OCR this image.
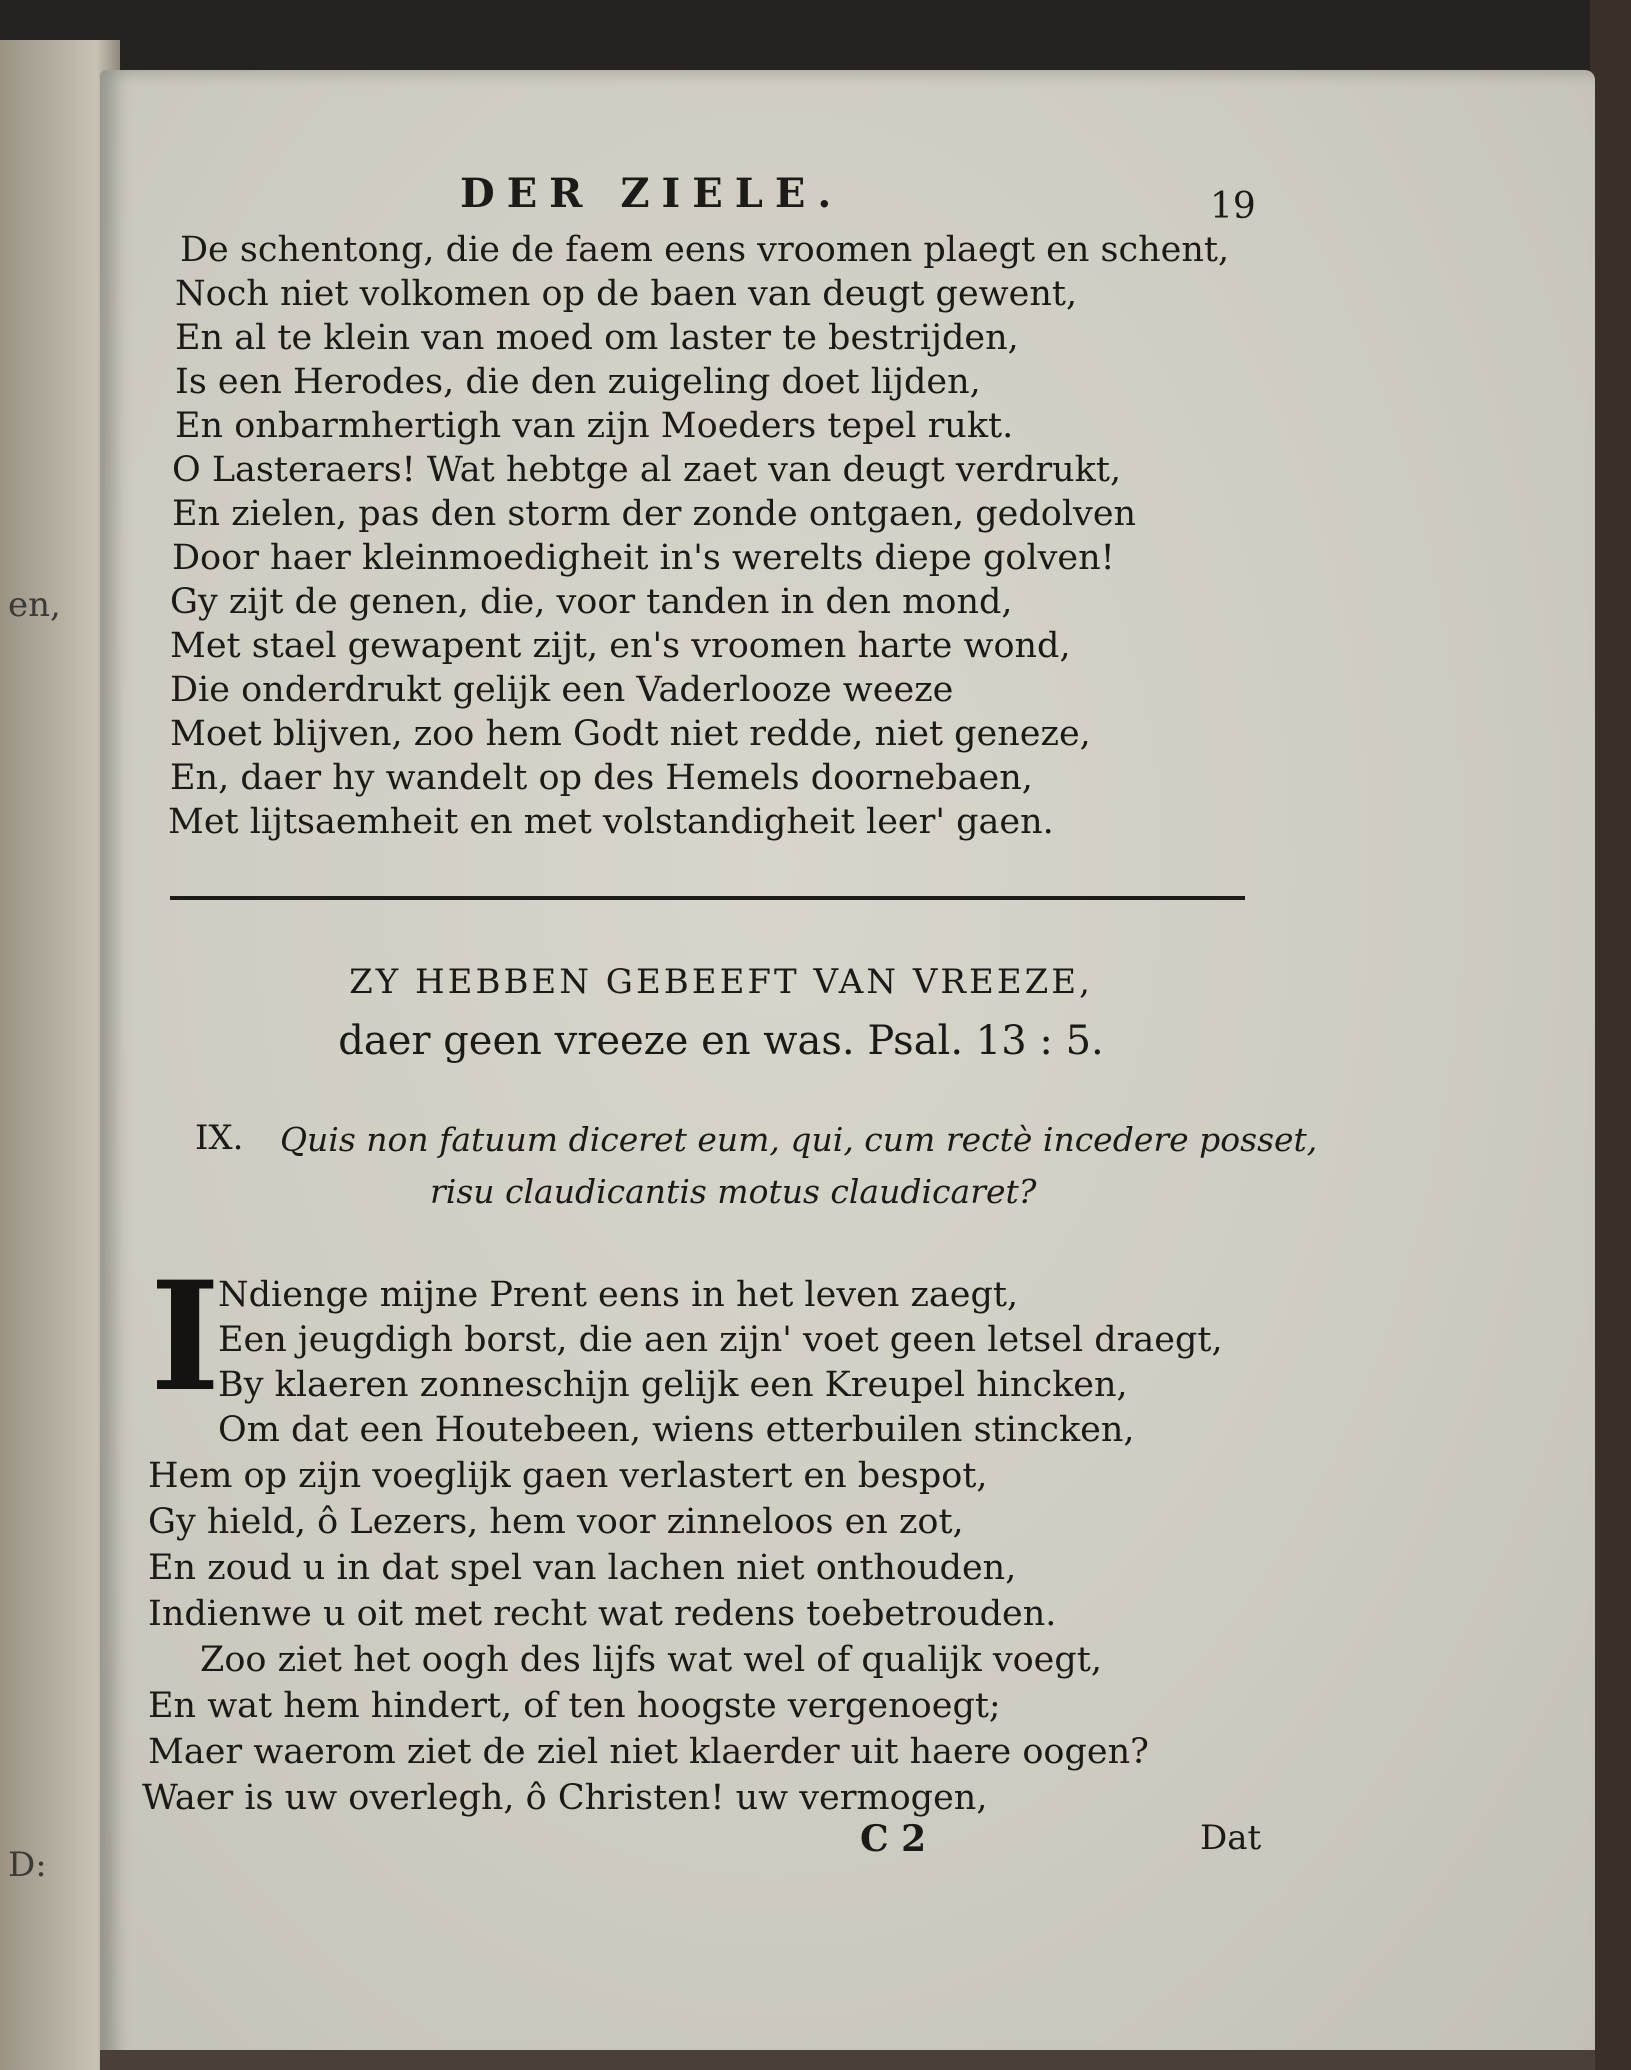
en,
D:
DER ZIELE.	19
De schentong, die de faem eens vroomen plaegt en schent,
Noch niet volkomen op de baen van deugt gewent,
En al te klein van moed om laster te bestrijden,
Is een Herodes, die den zuigeling doet lijden,
En onbarmhertigh van zijn Moeders tepel rukt.
O Lasteraers! Wat hebtge al zaet van deugt verdrukt,
En zielen, pas den storm der zonde ontgaen, gedolven
Door haer kleinmoedigheit in's werelts diepe golven!
Gy zijt de genen, die, voor tanden in den mond,
Met stael gewapent zijt, en's vroomen harte wond,
Die onderdrukt gelijk een Vaderlooze weeze
Moet blijven, zoo hem Godt niet redde, niet geneze,
En, daer hy wandelt op des Hemels doornebaen,
Met lijtsaemheit en met volstandigheit leer' gaen.
ZY HEBBEN GEBEEFT VAN VREEZE,
daer geen vreeze en was. Psal. 13 : 5.
IX. Quis non fatuum diceret eum, qui, cum rectè incedere posset,
risu claudicantis motus claudicaret?
I
Ndienge mijne Prent eens in het leven zaegt,
Een jeugdigh borst, die aen zijn' voet geen letsel draegt,
By klaeren zonneschijn gelijk een Kreupel hincken,
Om dat een Houtebeen, wiens etterbuilen stincken,
Hem op zijn voeglijk gaen verlastert en bespot,
Gy hield, ô Lezers, hem voor zinneloos en zot,
En zoud u in dat spel van lachen niet onthouden,
Indienwe u oit met recht wat redens toebetrouden.
Zoo ziet het oogh des lijfs wat wel of qualijk voegt,
En wat hem hindert, of ten hoogste vergenoegt;
Maer waerom ziet de ziel niet klaerder uit haere oogen?
Waer is uw overlegh, ô Christen! uw vermogen,
C 2	Dat
